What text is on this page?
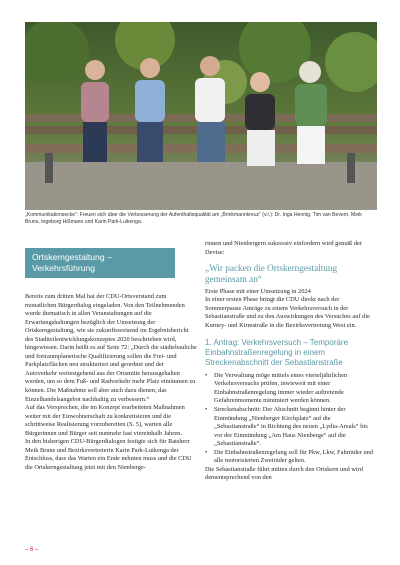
„Kommunikationsecke“: Freuen sich über die Verbesserung der Aufenthaltsqualität am „Brinkmannkreuz“ (v.l.): Dr. Inga Hennig, Tim van Bevern, Meik Bruns, Ingeborg Hißmann und Karin Park-Luikenga.
Ortskerngestaltung – Verkehrsführung

Bereits zum dritten Mal hat der CDU-Ortsverstand zum monatlichen Bürgerdialog eingeladen. Von den Teilnehmenden wurde thematisch in allen Veranstaltungen auf die Erwartungshaltungen bezüglich der Umsetzung der Ortskerngestaltung, wie sie zukunftsweisend im Ergebnisbericht des Stadtteilentwicklungskonzeptes 2020 beschrieben wird, hingewiesen. Darin heißt es auf Seite 72: „Durch die städtebauliche und freiraumplanerische Qualifizierung sollen die Frei- und Parkplatzflächen neu strukturiert und geordnet und der Autoverkehr weitestgehend aus der Ortsmitte herausgehalten werden, um so dem Fuß- und Radverkehr mehr Platz einräumen zu können. Die Maßnahme soll aber auch dazu dienen, das Einzelhandelsangebot nachhaltig zu verbessern.“

Auf das Versprechen, die im Konzept erarbeiteten Maßnahmen weiter mit der Einwohnerschaft zu konkretisieren und die schrittweise Realisierung vorzubereiten (S. 5), warten alle Bürgerinnen und Bürger seit nunmehr fast viereinhalb Jahren.

In den bisherigen CDU-Bürgerdialogen festigte sich für Ratsherr Meik Bruns und Bezirksvertreterin Karin Park-Luikenga der Entschluss, dass das Warten ein Ende nehmen muss und die CDU die Ortskerngestaltung jetzt mit den Nienberge-

rinnen und Nienbergern sukzessiv einfordern wird gemäß der Devise:

„Wir packen die Ortskerngestaltung gemeinsam an“

Erste Phase mit einer Umsetzung in 2024

In einer ersten Phase bringt die CDU direkt nach der Sommerpause Anträge zu einem Verkehrsversuch in der Sebastianstraße und zu den Auswirkungen des Versuches auf die Kurney- und Kirmstraße in die Bezirksvertretung West ein.

1. Antrag: Verkehrsversuch – Temporäre Einbahnstraßenregelung in einem Streckenabschnitt der Sebastianstraße

• Die Verwaltung möge mittels eines vierteljährlichen Verkehrsversuchs prüfen, inwieweit mit einer Einbahnstraßenregelung immer wieder auftretende Gefahrenmomente minimiert werden können.
• Streckenabschnitt: Der Abschnitt beginnt hinter der Einmündung „Nienberger Kirchplatz“ auf die „Sebastianstraße“ in Richtung des neuen „Lydia-Areals“ bis vor der Einmündung „Am Haus Nienberge“ auf die „Sebastianstraße“.
• Die Einbahnstraßenregelung soll für Pkw, Lkw, Fahrräder und alle motorisierten Zweiräder gelten.

Die Sebastianstraße führt mitten durch den Ortskern und wird dementsprechend von den

– 6 –
